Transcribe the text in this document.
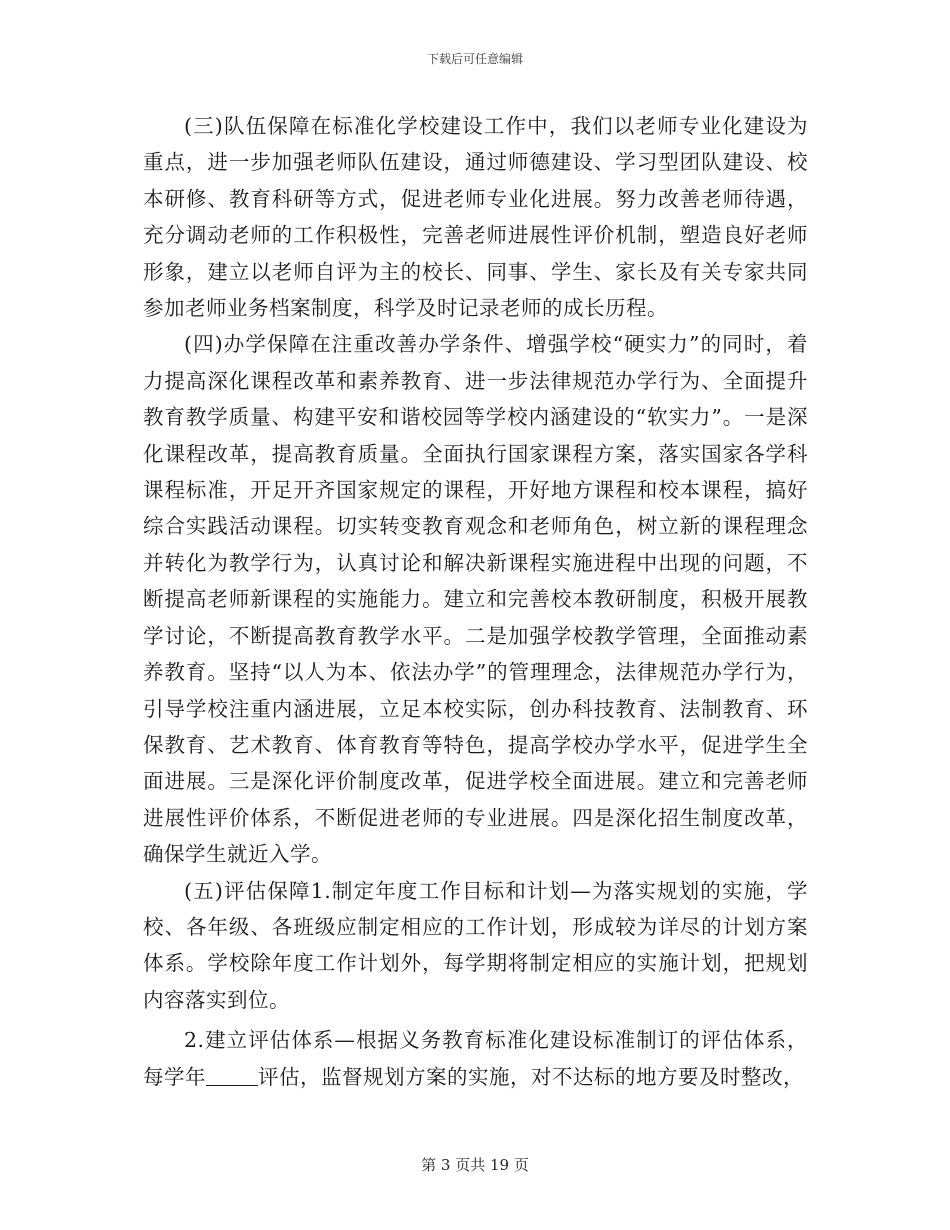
下载后可任意编辑

(三)队伍保障在标准化学校建设工作中，我们以老师专业化建设为重点，进一步加强老师队伍建设，通过师德建设、学习型团队建设、校本研修、教育科研等方式，促进老师专业化进展。努力改善老师待遇，充分调动老师的工作积极性，完善老师进展性评价机制，塑造良好老师形象，建立以老师自评为主的校长、同事、学生、家长及有关专家共同参加老师业务档案制度，科学及时记录老师的成长历程。

(四)办学保障在注重改善办学条件、增强学校“硬实力”的同时，着力提高深化课程改革和素养教育、进一步法律规范办学行为、全面提升教育教学质量、构建平安和谐校园等学校内涵建设的“软实力”。一是深化课程改革，提高教育质量。全面执行国家课程方案，落实国家各学科课程标准，开足开齐国家规定的课程，开好地方课程和校本课程，搞好综合实践活动课程。切实转变教育观念和老师角色，树立新的课程理念并转化为教学行为，认真讨论和解决新课程实施进程中出现的问题，不断提高老师新课程的实施能力。建立和完善校本教研制度，积极开展教学讨论，不断提高教育教学水平。二是加强学校教学管理，全面推动素养教育。坚持“以人为本、依法办学”的管理理念，法律规范办学行为，引导学校注重内涵进展，立足本校实际，创办科技教育、法制教育、环保教育、艺术教育、体育教育等特色，提高学校办学水平，促进学生全面进展。三是深化评价制度改革，促进学校全面进展。建立和完善老师进展性评价体系，不断促进老师的专业进展。四是深化招生制度改革，确保学生就近入学。

(五)评估保障1.制定年度工作目标和计划—为落实规划的实施，学校、各年级、各班级应制定相应的工作计划，形成较为详尽的计划方案体系。学校除年度工作计划外，每学期将制定相应的实施计划，把规划内容落实到位。

2.建立评估体系—根据义务教育标准化建设标准制订的评估体系，每学年	评估，监督规划方案的实施，对不达标的地方要及时整改，

第 3 页共 19 页
